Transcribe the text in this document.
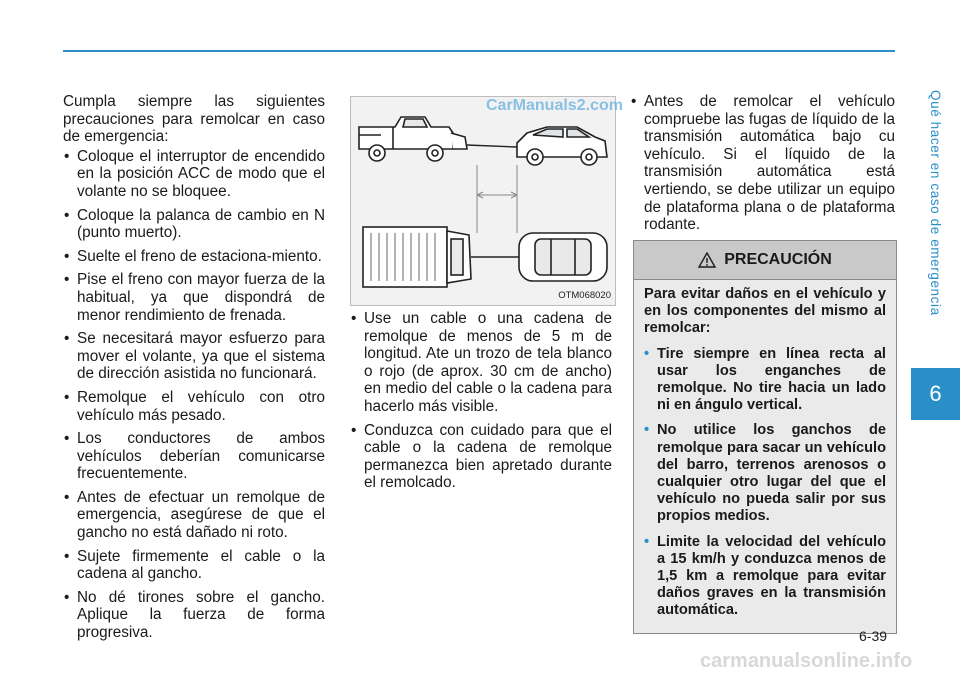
Qué hacer en caso de emergencia
6

Cumpla siempre las siguientes precauciones para remolcar en caso de emergencia:

• Coloque el interruptor de encendido en la posición ACC de modo que el volante no se bloquee.
• Coloque la palanca de cambio en N (punto muerto).
• Suelte el freno de estaciona-miento.
• Pise el freno con mayor fuerza de la habitual, ya que dispondrá de menor rendimiento de frenada.
• Se necesitará mayor esfuerzo para mover el volante, ya que el sistema de dirección asistida no funcionará.
• Remolque el vehículo con otro vehículo más pesado.
• Los conductores de ambos vehículos deberían comunicarse frecuentemente.
• Antes de efectuar un remolque de emergencia, asegúrese de que el gancho no está dañado ni roto.
• Sujete firmemente el cable o la cadena al gancho.
• No dé tirones sobre el gancho. Aplique la fuerza de forma progresiva.
CarManuals2.com
OTM068020
• Use un cable o una cadena de remolque de menos de 5 m de longitud. Ate un trozo de tela blanco o rojo (de aprox. 30 cm de ancho) en medio del cable o la cadena para hacerlo más visible.
• Conduzca con cuidado para que el cable o la cadena de remolque permanezca bien apretado durante el remolcado.
• Antes de remolcar el vehículo compruebe las fugas de líquido de la transmisión automática bajo cu vehículo. Si el líquido de la transmisión automática está vertiendo, se debe utilizar un equipo de plataforma plana o de plataforma rodante.
PRECAUCIÓN

Para evitar daños en el vehículo y en los componentes del mismo al remolcar:

• Tire siempre en línea recta al usar los enganches de remolque. No tire hacia un lado ni en ángulo vertical.
• No utilice los ganchos de remolque para sacar un vehículo del barro, terrenos arenosos o cualquier otro lugar del que el vehículo no pueda salir por sus propios medios.
• Limite la velocidad del vehículo a 15 km/h y conduzca menos de 1,5 km a remolque para evitar daños graves en la transmisión automática.
6-39
carmanualsonline.info
